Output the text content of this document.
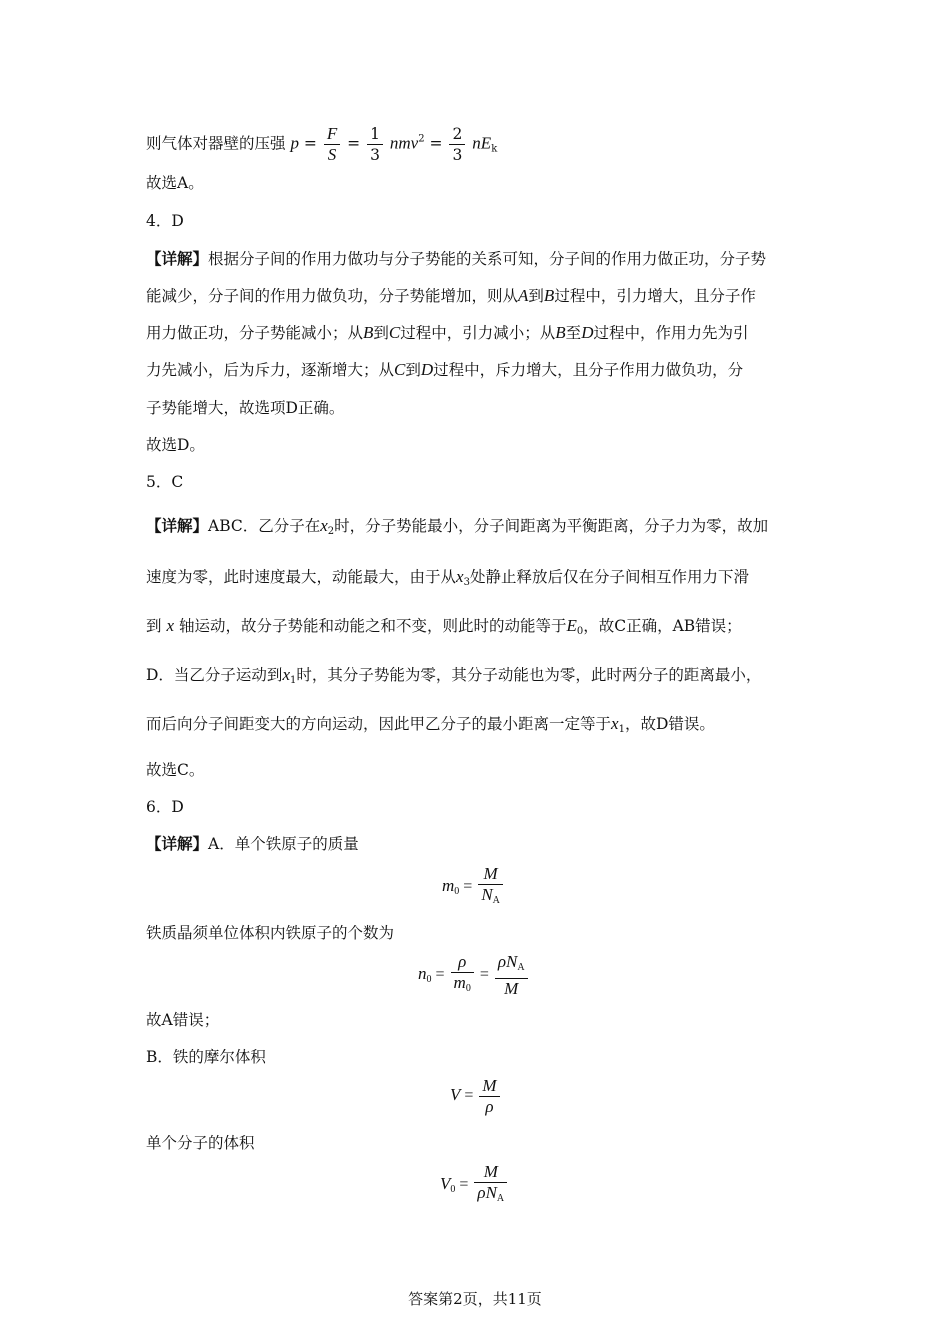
则气体对器壁的压强 $p = \frac{F}{S} = \frac{1}{3} nmv^2 = \frac{2}{3} nE_k$
故选A。
4．D
【详解】根据分子间的作用力做功与分子势能的关系可知，分子间的作用力做正功，分子势
能减少，分子间的作用力做负功，分子势能增加，则从A到B过程中，引力增大，且分子作
用力做正功，分子势能减小；从B到C过程中，引力减小；从B至D过程中，作用力先为引
力先减小，后为斥力，逐渐增大；从C到D过程中，斥力增大，且分子作用力做负功，分
子势能增大，故选项D正确。
故选D。
5．C
【详解】ABC．乙分子在$x_2$时，分子势能最小，分子间距离为平衡距离，分子力为零，故加
速度为零，此时速度最大，动能最大，由于从$x_3$处静止释放后仅在分子间相互作用力下滑
到 x 轴运动，故分子势能和动能之和不变，则此时的动能等于$E_0$，故C正确，AB错误；
D．当乙分子运动到$x_1$时，其分子势能为零，其分子动能也为零，此时两分子的距离最小，
而后向分子间距变大的方向运动，因此甲乙分子的最小距离一定等于$x_1$，故D错误。
故选C。
6．D
【详解】A．单个铁原子的质量
$m_0 = \frac{M}{N_A}$
铁质晶须单位体积内铁原子的个数为
$n_0 = \frac{\rho}{m_0} = \frac{\rho N_A}{M}$
故A错误；
B．铁的摩尔体积
$V = \frac{M}{\rho}$
单个分子的体积
$V_0 = \frac{M}{\rho N_A}$
答案第2页，共11页
